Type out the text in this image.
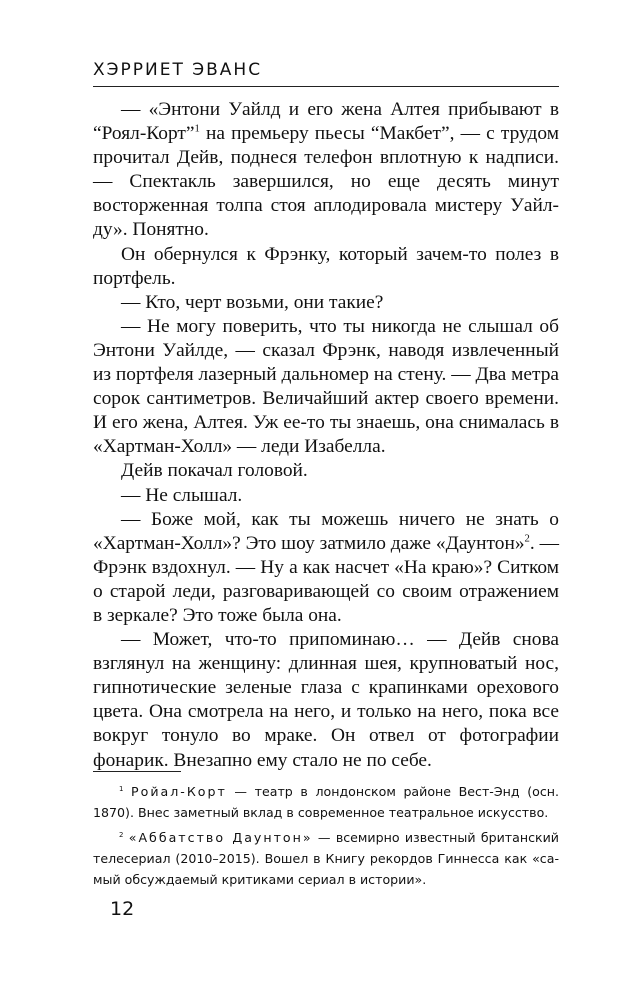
ХЭРРИЕТ ЭВАНС

— «Энтони Уайлд и его жена Алтея прибывают в “Роял-Корт”$^1$ на премьеру пьесы “Макбет”, — с трудом прочитал Дейв, поднеся телефон вплотную к надписи. — Спектакль завершился, но еще десять минут восторженная толпа стоя аплодировала мистеру Уайлду». Понятно.

Он обернулся к Фрэнку, который зачем-то полез в портфель.

— Кто, черт возьми, они такие?

— Не могу поверить, что ты никогда не слышал об Энтони Уайлде, — сказал Фрэнк, наводя извлеченный из портфеля лазерный дальномер на стену. — Два метра сорок сантиметров. Величайший актер своего времени. И его жена, Алтея. Уж ее-то ты знаешь, она снималась в «Хартман-Холл» — леди Изабелла.

Дейв покачал головой.

— Не слышал.

— Боже мой, как ты можешь ничего не знать о «Хартман-Холл»? Это шоу затмило даже «Даунтон»$^2$. — Фрэнк вздохнул. — Ну а как насчет «На краю»? Ситком о старой леди, разговаривающей со своим отражением в зеркале? Это тоже была она.

— Может, что-то припоминаю… — Дейв снова взглянул на женщину: длинная шея, крупноватый нос, гипнотические зеленые глаза с крапинками орехового цвета. Она смотрела на него, и только на него, пока все вокруг тонуло во мраке. Он отвел от фотографии фонарик. Внезапно ему стало не по себе.

$^1$ Ройал-Корт — театр в лондонском районе Вест-Энд (осн. 1870). Внес заметный вклад в современное театральное искусство.

$^2$ «Аббатство Даунтон» — всемирно известный британский телесериал (2010–2015). Вошел в Книгу рекордов Гиннесса как «самый обсуждаемый критиками сериал в истории».

12
